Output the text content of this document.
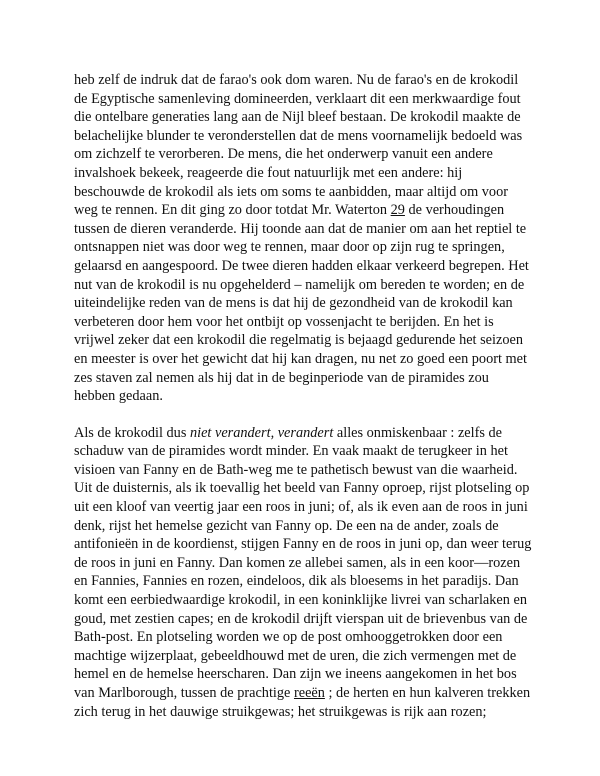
heb zelf de indruk dat de farao's ook dom waren. Nu de farao's en de krokodil de Egyptische samenleving domineerden, verklaart dit een merkwaardige fout die ontelbare generaties lang aan de Nijl bleef bestaan. De krokodil maakte de belachelijke blunder te veronderstellen dat de mens voornamelijk bedoeld was om zichzelf te verorberen. De mens, die het onderwerp vanuit een andere invalshoek bekeek, reageerde die fout natuurlijk met een andere: hij beschouwde de krokodil als iets om soms te aanbidden, maar altijd om voor weg te rennen. En dit ging zo door totdat Mr. Waterton 29 de verhoudingen tussen de dieren veranderde. Hij toonde aan dat de manier om aan het reptiel te ontsnappen niet was door weg te rennen, maar door op zijn rug te springen, gelaarsd en aangespoord. De twee dieren hadden elkaar verkeerd begrepen. Het nut van de krokodil is nu opgehelderd – namelijk om bereden te worden; en de uiteindelijke reden van de mens is dat hij de gezondheid van de krokodil kan verbeteren door hem voor het ontbijt op vossenjacht te berijden. En het is vrijwel zeker dat een krokodil die regelmatig is bejaagd gedurende het seizoen en meester is over het gewicht dat hij kan dragen, nu net zo goed een poort met zes staven zal nemen als hij dat in de beginperiode van de piramides zou hebben gedaan.

Als de krokodil dus niet verandert, verandert alles onmiskenbaar : zelfs de schaduw van de piramides wordt minder. En vaak maakt de terugkeer in het visioen van Fanny en de Bath-weg me te pathetisch bewust van die waarheid. Uit de duisternis, als ik toevallig het beeld van Fanny oproep, rijst plotseling op uit een kloof van veertig jaar een roos in juni; of, als ik even aan de roos in juni denk, rijst het hemelse gezicht van Fanny op. De een na de ander, zoals de antifonieën in de koordienst, stijgen Fanny en de roos in juni op, dan weer terug de roos in juni en Fanny. Dan komen ze allebei samen, als in een koor—rozen en Fannies, Fannies en rozen, eindeloos, dik als bloesems in het paradijs. Dan komt een eerbiedwaardige krokodil, in een koninklijke livrei van scharlaken en goud, met zestien capes; en de krokodil drijft vierspan uit de brievenbus van de Bath-post. En plotseling worden we op de post omhooggetrokken door een machtige wijzerplaat, gebeeldhouwd met de uren, die zich vermengen met de hemel en de hemelse heerscharen. Dan zijn we ineens aangekomen in het bos van Marlborough, tussen de prachtige reeën ; de herten en hun kalveren trekken zich terug in het dauwige struikgewas; het struikgewas is rijk aan rozen;
